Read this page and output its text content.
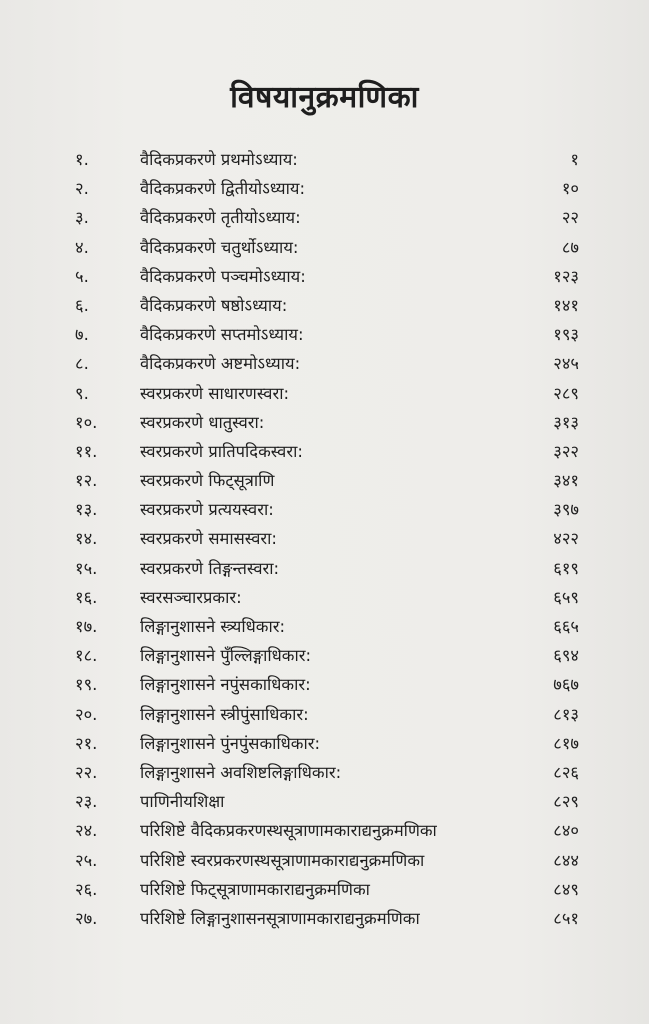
विषयानुक्रमणिका
१.	वैदिकप्रकरणे प्रथमोऽध्याय:	१
२.	वैदिकप्रकरणे द्वितीयोऽध्याय:	१०
३.	वैदिकप्रकरणे तृतीयोऽध्याय:	२२
४.	वैदिकप्रकरणे चतुर्थोऽध्याय:	८७
५.	वैदिकप्रकरणे पञ्चमोऽध्याय:	१२३
६.	वैदिकप्रकरणे षष्ठोऽध्याय:	१४१
७.	वैदिकप्रकरणे सप्तमोऽध्याय:	१९३
८.	वैदिकप्रकरणे अष्टमोऽध्याय:	२४५
९.	स्वरप्रकरणे साधारणस्वरा:	२८९
१०.	स्वरप्रकरणे धातुस्वरा:	३१३
११.	स्वरप्रकरणे प्रातिपदिकस्वरा:	३२२
१२.	स्वरप्रकरणे फिट्सूत्राणि	३४१
१३.	स्वरप्रकरणे प्रत्ययस्वरा:	३९७
१४.	स्वरप्रकरणे समासस्वरा:	४२२
१५.	स्वरप्रकरणे तिङ्गन्तस्वरा:	६१९
१६.	स्वरसञ्चारप्रकार:	६५९
१७.	लिङ्गानुशासने स्त्र्यधिकार:	६६५
१८.	लिङ्गानुशासने पुँल्लिङ्गाधिकार:	६९४
१९.	लिङ्गानुशासने नपुंसकाधिकार:	७६७
२०.	लिङ्गानुशासने स्त्रीपुंसाधिकार:	८१३
२१.	लिङ्गानुशासने पुंनपुंसकाधिकार:	८१७
२२.	लिङ्गानुशासने अवशिष्टलिङ्गाधिकार:	८२६
२३.	पाणिनीयशिक्षा	८२९
२४.	परिशिष्टे वैदिकप्रकरणस्थसूत्राणामकाराद्यनुक्रमणिका	८४०
२५.	परिशिष्टे स्वरप्रकरणस्थसूत्राणामकाराद्यनुक्रमणिका	८४४
२६.	परिशिष्टे फिट्सूत्राणामकाराद्यनुक्रमणिका	८४९
२७.	परिशिष्टे लिङ्गानुशासनसूत्राणामकाराद्यनुक्रमणिका	८५१
